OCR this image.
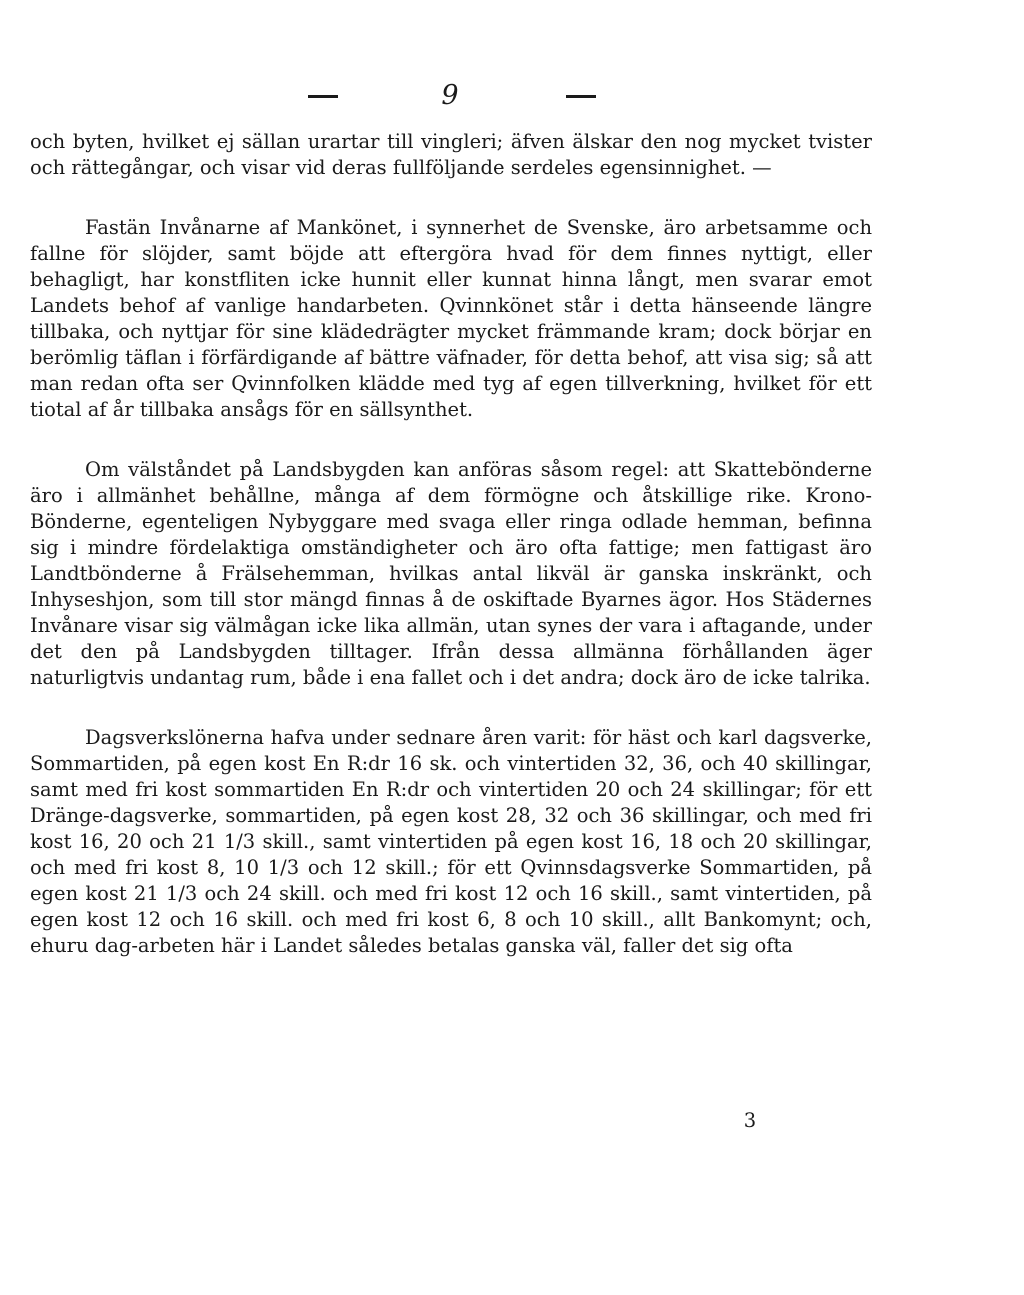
9

och byten, hvilket ej sällan urartar till vingleri; äfven älskar den nog mycket tvister och rättegångar, och visar vid deras fullföljande serdeles egensinnighet. —

Fastän Invånarne af Mankönet, i synnerhet de Svenske, äro arbetsamme och fallne för slöjder, samt böjde att eftergöra hvad för dem finnes nyttigt, eller behagligt, har konstfliten icke hunnit eller kunnat hinna långt, men svarar emot Landets behof af vanlige handarbeten. Qvinnkönet står i detta hänseende längre tillbaka, och nyttjar för sine klädedrägter mycket främmande kram; dock börjar en berömlig täflan i förfärdigande af bättre väfnader, för detta behof, att visa sig; så att man redan ofta ser Qvinnfolken klädde med tyg af egen tillverkning, hvilket för ett tiotal af år tillbaka ansågs för en sällsynthet.

Om välståndet på Landsbygden kan anföras såsom regel: att Skattebönderne äro i allmänhet behållne, många af dem förmögne och åtskillige rike. Krono-Bönderne, egenteligen Nybyggare med svaga eller ringa odlade hemman, befinna sig i mindre fördelaktiga omständigheter och äro ofta fattige; men fattigast äro Landtbönderne å Frälsehemman, hvilkas antal likväl är ganska inskränkt, och Inhyseshjon, som till stor mängd finnas å de oskiftade Byarnes ägor. Hos Städernes Invånare visar sig välmågan icke lika allmän, utan synes der vara i aftagande, under det den på Landsbygden tilltager. Ifrån dessa allmänna förhållanden äger naturligtvis undantag rum, både i ena fallet och i det andra; dock äro de icke talrika.

Dagsverkslönerna hafva under sednare åren varit: för häst och karl dagsverke, Sommartiden, på egen kost En R:dr 16 sk. och vintertiden 32, 36, och 40 skillingar, samt med fri kost sommartiden En R:dr och vintertiden 20 och 24 skillingar; för ett Dränge-dagsverke, sommartiden, på egen kost 28, 32 och 36 skillingar, och med fri kost 16, 20 och 21 1/3 skill., samt vintertiden på egen kost 16, 18 och 20 skillingar, och med fri kost 8, 10 1/3 och 12 skill.; för ett Qvinnsdagsverke Sommartiden, på egen kost 21 1/3 och 24 skill. och med fri kost 12 och 16 skill., samt vintertiden, på egen kost 12 och 16 skill. och med fri kost 6, 8 och 10 skill., allt Bankomynt; och, ehuru dag-arbeten här i Landet således betalas ganska väl, faller det sig ofta

3
